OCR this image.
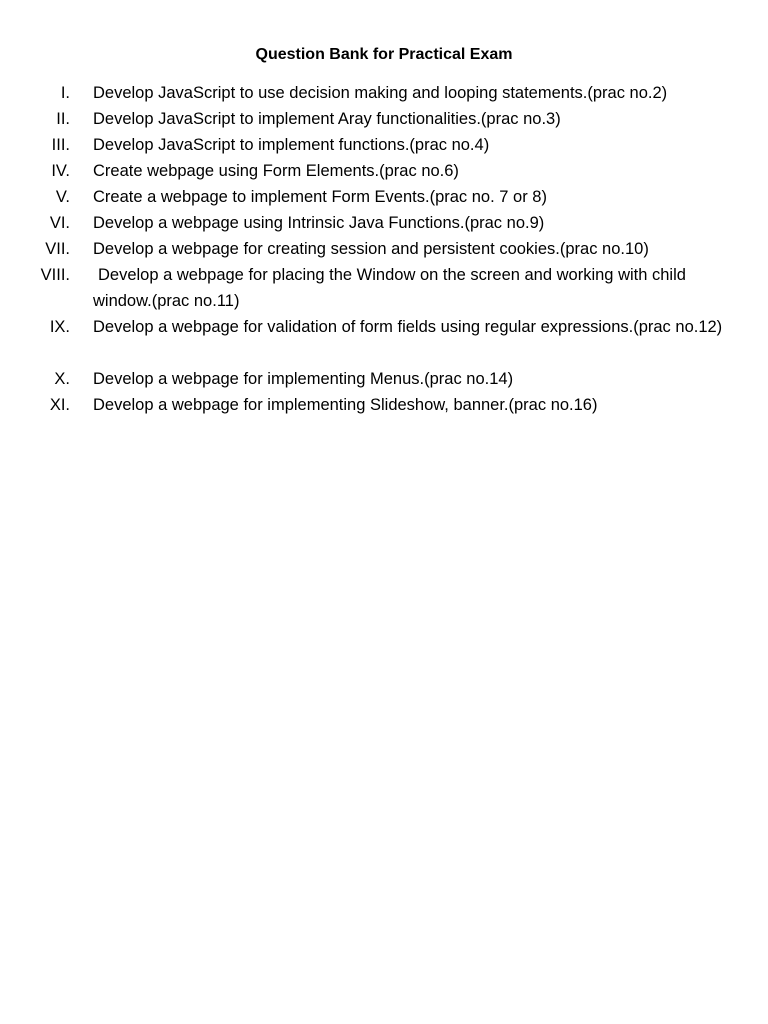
Question Bank for Practical Exam
I. Develop JavaScript to use decision making and looping statements.(prac no.2)
II. Develop JavaScript to implement Aray functionalities.(prac no.3)
III. Develop JavaScript to implement functions.(prac no.4)
IV. Create webpage using Form Elements.(prac no.6)
V. Create a webpage to implement Form Events.(prac no. 7 or 8)
VI. Develop a webpage using Intrinsic Java Functions.(prac no.9)
VII. Develop a webpage for creating session and persistent cookies.(prac no.10)
VIII.	Develop a webpage for placing the Window on the screen and working with child window.(prac no.11)
IX. Develop a webpage for validation of form fields using regular expressions.(prac no.12)
X. Develop a webpage for implementing Menus.(prac no.14)
XI. Develop a webpage for implementing Slideshow, banner.(prac no.16)
